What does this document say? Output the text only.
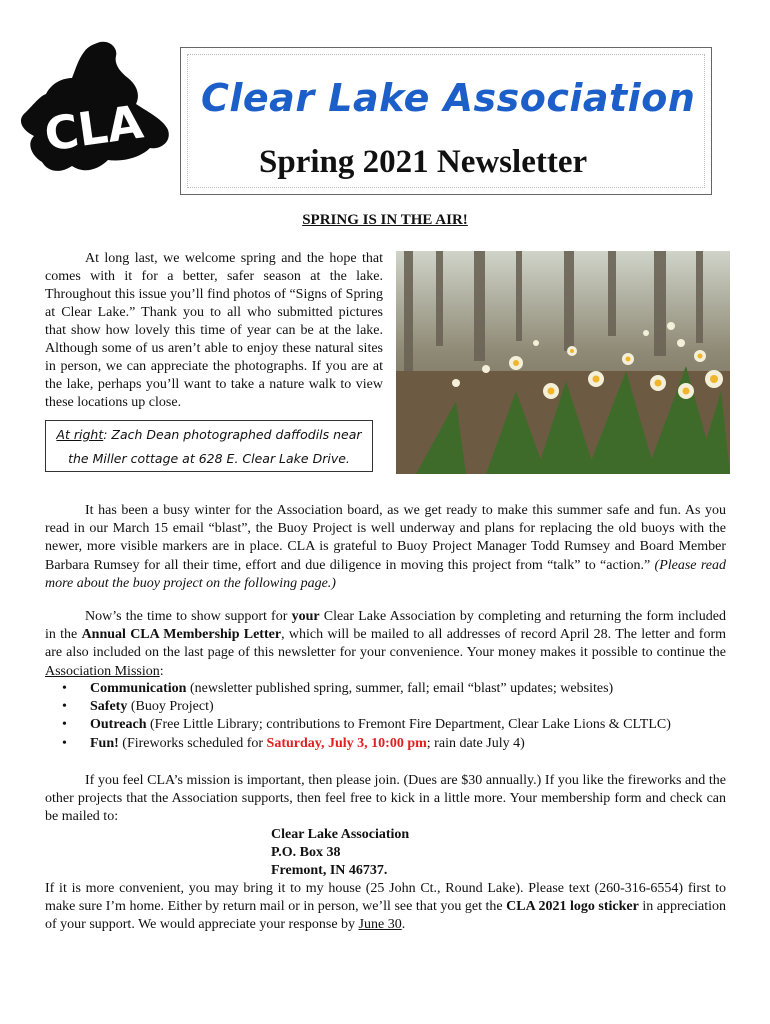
CLA Clear Lake Association
Spring 2021 Newsletter
SPRING IS IN THE AIR!

At long last, we welcome spring and the hope that comes with it for a better, safer season at the lake. Throughout this issue you’ll find photos of “Signs of Spring at Clear Lake.” Thank you to all who submitted pictures that show how lovely this time of year can be at the lake. Although some of us aren’t able to enjoy these natural sites in person, we can appreciate the photographs. If you are at the lake, perhaps you’ll want to take a nature walk to view these locations up close.

At right: Zach Dean photographed daffodils near
the Miller cottage at 628 E. Clear Lake Drive.

It has been a busy winter for the Association board, as we get ready to make this summer safe and fun. As you read in our March 15 email “blast”, the Buoy Project is well underway and plans for replacing the old buoys with the newer, more visible markers are in place. CLA is grateful to Buoy Project Manager Todd Rumsey and Board Member Barbara Rumsey for all their time, effort and due diligence in moving this project from “talk” to “action.” (Please read more about the buoy project on the following page.)

Now’s the time to show support for your Clear Lake Association by completing and returning the form included in the Annual CLA Membership Letter, which will be mailed to all addresses of record April 28. The letter and form are also included on the last page of this newsletter for your convenience. Your money makes it possible to continue the Association Mission:

• Communication (newsletter published spring, summer, fall; email “blast” updates; websites)
• Safety (Buoy Project)
• Outreach (Free Little Library; contributions to Fremont Fire Department, Clear Lake Lions & CLTLC)
• Fun! (Fireworks scheduled for Saturday, July 3, 10:00 pm; rain date July 4)

If you feel CLA’s mission is important, then please join. (Dues are $30 annually.) If you like the fireworks and the other projects that the Association supports, then feel free to kick in a little more. Your membership form and check can be mailed to:

Clear Lake Association
P.O. Box 38
Fremont, IN 46737.

If it is more convenient, you may bring it to my house (25 John Ct., Round Lake). Please text (260-316-6554) first to make sure I’m home. Either by return mail or in person, we’ll see that you get the CLA 2021 logo sticker in appreciation of your support. We would appreciate your response by June 30.
